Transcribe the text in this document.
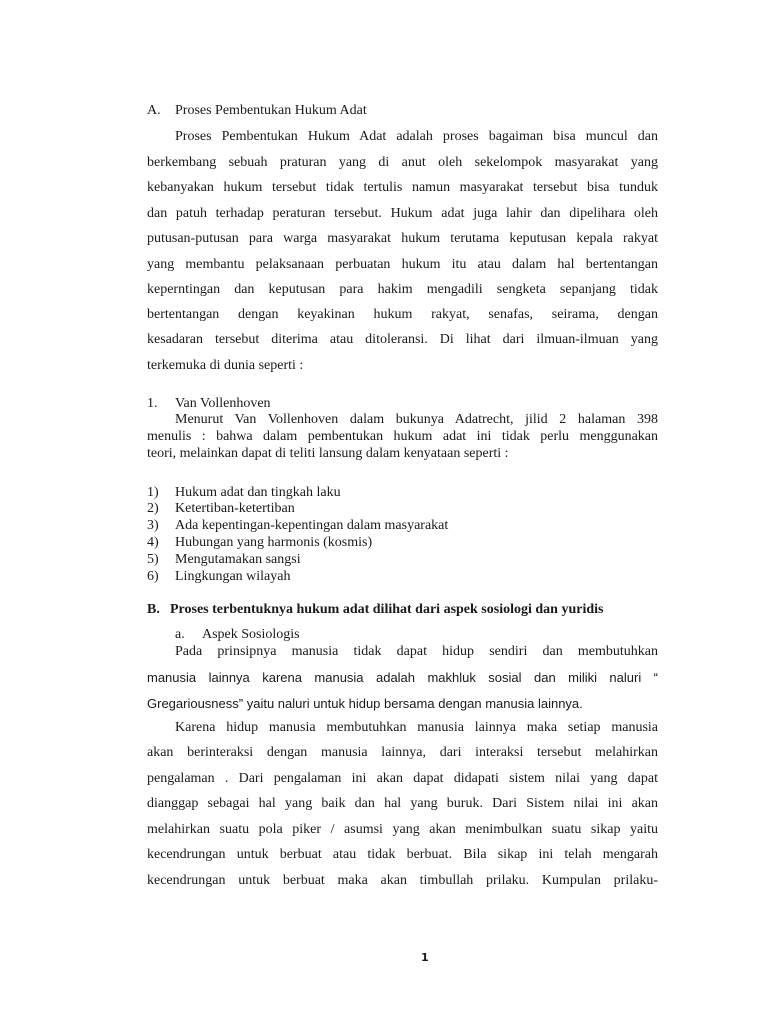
A. Proses Pembentukan Hukum Adat
Proses Pembentukan Hukum Adat adalah proses bagaiman bisa muncul dan
berkembang sebuah praturan yang di anut oleh sekelompok masyarakat yang
kebanyakan hukum tersebut tidak tertulis namun masyarakat tersebut bisa tunduk
dan patuh terhadap peraturan tersebut. Hukum adat juga lahir dan dipelihara oleh
putusan-putusan para warga masyarakat hukum terutama keputusan kepala rakyat
yang membantu pelaksanaan perbuatan hukum itu atau dalam hal bertentangan
keperntingan dan keputusan para hakim mengadili sengketa sepanjang tidak
bertentangan dengan keyakinan hukum rakyat, senafas, seirama, dengan
kesadaran tersebut diterima atau ditoleransi. Di lihat dari ilmuan-ilmuan yang
terkemuka di dunia seperti :
1. Van Vollenhoven
Menurut Van Vollenhoven dalam bukunya Adatrecht, jilid 2 halaman 398
menulis : bahwa dalam pembentukan hukum adat ini tidak perlu menggunakan
teori, melainkan dapat di teliti lansung dalam kenyataan seperti :
1) Hukum adat dan tingkah laku
2) Ketertiban-ketertiban
3) Ada kepentingan-kepentingan dalam masyarakat
4) Hubungan yang harmonis (kosmis)
5) Mengutamakan sangsi
6) Lingkungan wilayah
B. Proses terbentuknya hukum adat dilihat dari aspek sosiologi dan yuridis
a. Aspek Sosiologis
Pada prinsipnya manusia tidak dapat hidup sendiri dan membutuhkan
manusia lainnya karena manusia adalah makhluk sosial dan miliki naluri “
Gregariousness” yaitu naluri untuk hidup bersama dengan manusia lainnya.
Karena hidup manusia membutuhkan manusia lainnya maka setiap manusia
akan berinteraksi dengan manusia lainnya, dari interaksi tersebut melahirkan
pengalaman . Dari pengalaman ini akan dapat didapati sistem nilai yang dapat
dianggap sebagai hal yang baik dan hal yang buruk. Dari Sistem nilai ini akan
melahirkan suatu pola piker / asumsi yang akan menimbulkan suatu sikap yaitu
kecendrungan untuk berbuat atau tidak berbuat. Bila sikap ini telah mengarah
kecendrungan untuk berbuat maka akan timbullah prilaku. Kumpulan prilaku-
1
